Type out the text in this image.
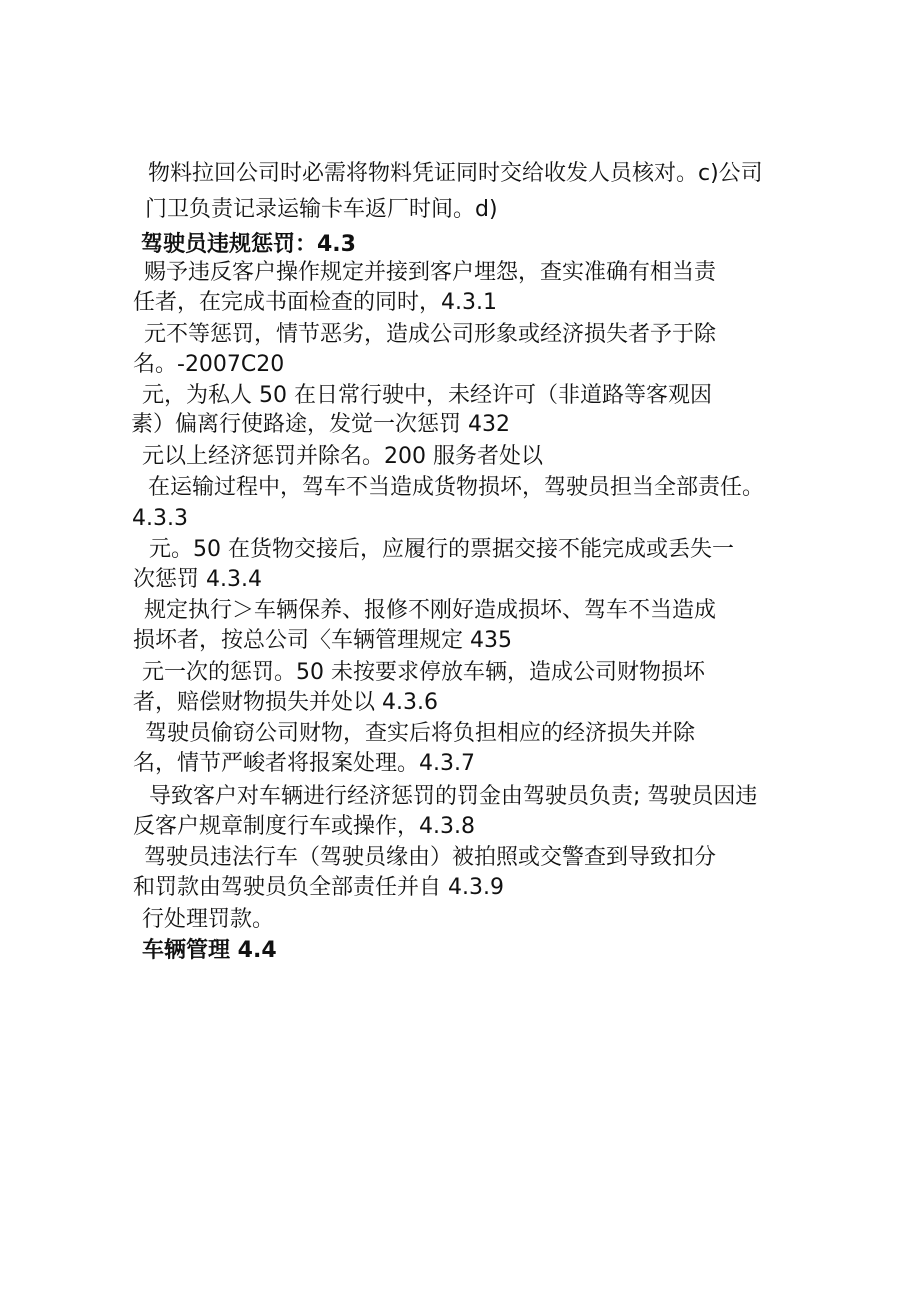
物料拉回公司时必需将物料凭证同时交给收发人员核对。c)公司
门卫负责记录运输卡车返厂时间。d)
驾驶员违规惩罚：4.3
赐予违反客户操作规定并接到客户埋怨，查实准确有相当责
任者，在完成书面检查的同时，4.3.1
元不等惩罚，情节恶劣，造成公司形象或经济损失者予于除
名。-2007C20
元，为私人 50 在日常行驶中，未经许可（非道路等客观因
素）偏离行使路途，发觉一次惩罚 432
元以上经济惩罚并除名。200 服务者处以
在运输过程中，驾车不当造成货物损坏，驾驶员担当全部责任。
4.3.3
元。50 在货物交接后，应履行的票据交接不能完成或丢失一
次惩罚 4.3.4
规定执行＞车辆保养、报修不刚好造成损坏、驾车不当造成
损坏者，按总公司〈车辆管理规定 435
元一次的惩罚。50 未按要求停放车辆，造成公司财物损坏
者，赔偿财物损失并处以 4.3.6
驾驶员偷窃公司财物，查实后将负担相应的经济损失并除
名，情节严峻者将报案处理。4.3.7
导致客户对车辆进行经济惩罚的罚金由驾驶员负责; 驾驶员因违
反客户规章制度行车或操作，4.3.8
驾驶员违法行车（驾驶员缘由）被拍照或交警查到导致扣分
和罚款由驾驶员负全部责任并自 4.3.9
行处理罚款。
车辆管理 4.4
